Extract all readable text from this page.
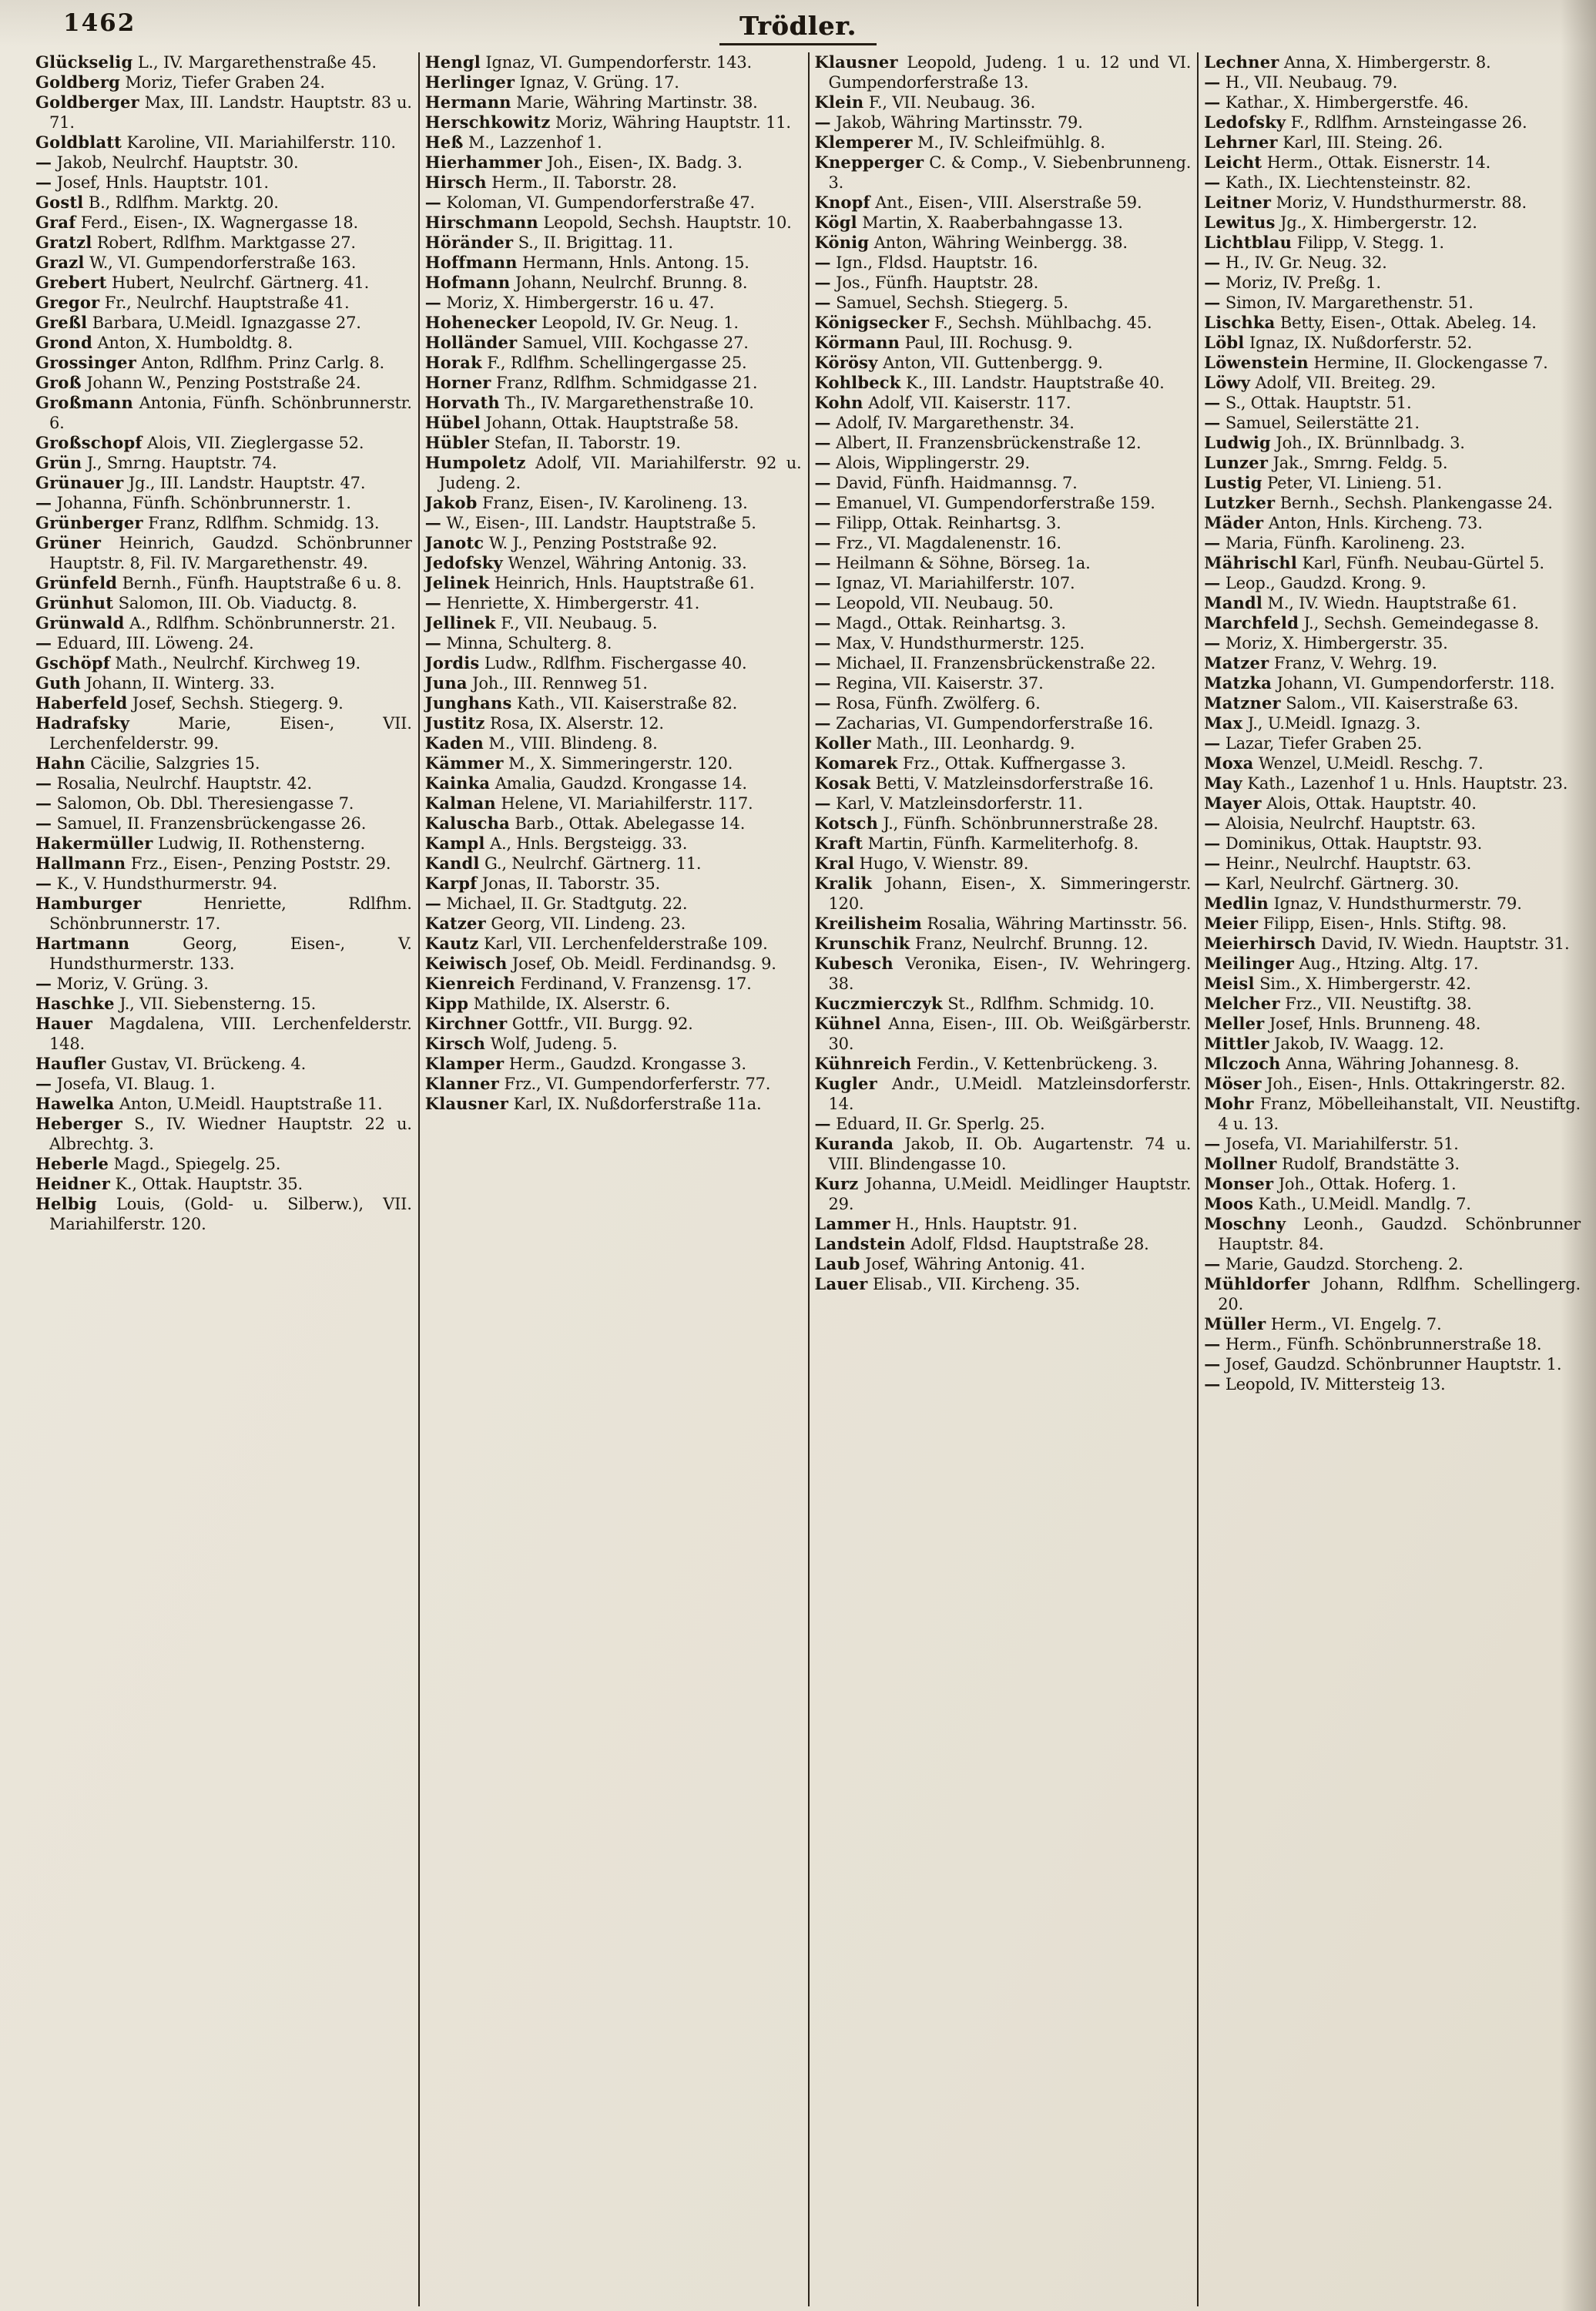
1462	Trödler.

Glückselig L., IV. Margarethenstraße 45.

Goldberg Moriz, Tiefer Graben 24.

Goldberger Max, III. Landstr. Hauptstr. 83 u. 71.

Goldblatt Karoline, VII. Mariahilferstr. 110.

— Jakob, Neulrchf. Hauptstr. 30.

— Josef, Hnls. Hauptstr. 101.

Gostl B., Rdlfhm. Marktg. 20.

Graf Ferd., Eisen-, IX. Wagnergasse 18.

Gratzl Robert, Rdlfhm. Marktgasse 27.

Grazl W., VI. Gumpendorferstraße 163.

Grebert Hubert, Neulrchf. Gärtnerg. 41.

Gregor Fr., Neulrchf. Hauptstraße 41.

Greßl Barbara, U.Meidl. Ignazgasse 27.

Grond Anton, X. Humboldtg. 8.

Grossinger Anton, Rdlfhm. Prinz Carlg. 8.

Groß Johann W., Penzing Poststraße 24.

Großmann Antonia, Fünfh. Schönbrunnerstr. 6.

Großschopf Alois, VII. Zieglergasse 52.

Grün J., Smrng. Hauptstr. 74.

Grünauer Jg., III. Landstr. Hauptstr. 47.

— Johanna, Fünfh. Schönbrunnerstr. 1.

Grünberger Franz, Rdlfhm. Schmidg. 13.

Grüner Heinrich, Gaudzd. Schönbrunner Hauptstr. 8, Fil. IV. Margarethenstr. 49.

Grünfeld Bernh., Fünfh. Hauptstraße 6 u. 8.

Grünhut Salomon, III. Ob. Viaductg. 8.

Grünwald A., Rdlfhm. Schönbrunnerstr. 21.

— Eduard, III. Löweng. 24.

Gschöpf Math., Neulrchf. Kirchweg 19.

Guth Johann, II. Winterg. 33.

Haberfeld Josef, Sechsh. Stiegerg. 9.

Hadrafsky Marie, Eisen-, VII. Lerchenfelderstr. 99.

Hahn Cäcilie, Salzgries 15.

— Rosalia, Neulrchf. Hauptstr. 42.

— Salomon, Ob. Dbl. Theresiengasse 7.

— Samuel, II. Franzensbrückengasse 26.

Hakermüller Ludwig, II. Rothensterng.

Hallmann Frz., Eisen-, Penzing Poststr. 29.

— K., V. Hundsthurmerstr. 94.

Hamburger Henriette, Rdlfhm. Schönbrunnerstr. 17.

Hartmann Georg, Eisen-, V. Hundsthurmerstr. 133.

— Moriz, V. Grüng. 3.

Haschke J., VII. Siebensterng. 15.

Hauer Magdalena, VIII. Lerchenfelderstr. 148.

Haufler Gustav, VI. Brückeng. 4.

— Josefa, VI. Blaug. 1.

Hawelka Anton, U.Meidl. Hauptstraße 11.

Heberger S., IV. Wiedner Hauptstr. 22 u. Albrechtg. 3.

Heberle Magd., Spiegelg. 25.

Heidner K., Ottak. Hauptstr. 35.

Helbig Louis, (Gold- u. Silberw.), VII. Mariahilferstr. 120.

Hengl Ignaz, VI. Gumpendorferstr. 143.

Herlinger Ignaz, V. Grüng. 17.

Hermann Marie, Währing Martinstr. 38.

Herschkowitz Moriz, Währing Hauptstr. 11.

Heß M., Lazzenhof 1.

Hierhammer Joh., Eisen-, IX. Badg. 3.

Hirsch Herm., II. Taborstr. 28.

— Koloman, VI. Gumpendorferstraße 47.

Hirschmann Leopold, Sechsh. Hauptstr. 10.

Höränder S., II. Brigittag. 11.

Hoffmann Hermann, Hnls. Antong. 15.

Hofmann Johann, Neulrchf. Brunng. 8.

— Moriz, X. Himbergerstr. 16 u. 47.

Hohenecker Leopold, IV. Gr. Neug. 1.

Holländer Samuel, VIII. Kochgasse 27.

Horak F., Rdlfhm. Schellingergasse 25.

Horner Franz, Rdlfhm. Schmidgasse 21.

Horvath Th., IV. Margarethenstraße 10.

Hübel Johann, Ottak. Hauptstraße 58.

Hübler Stefan, II. Taborstr. 19.

Humpoletz Adolf, VII. Mariahilferstr. 92 u. Judeng. 2.

Jakob Franz, Eisen-, IV. Karolineng. 13.

— W., Eisen-, III. Landstr. Hauptstraße 5.

Janotc W. J., Penzing Poststraße 92.

Jedofsky Wenzel, Währing Antonig. 33.

Jelinek Heinrich, Hnls. Hauptstraße 61.

— Henriette, X. Himbergerstr. 41.

Jellinek F., VII. Neubaug. 5.

— Minna, Schulterg. 8.

Jordis Ludw., Rdlfhm. Fischergasse 40.

Juna Joh., III. Rennweg 51.

Junghans Kath., VII. Kaiserstraße 82.

Justitz Rosa, IX. Alserstr. 12.

Kaden M., VIII. Blindeng. 8.

Kämmer M., X. Simmeringerstr. 120.

Kainka Amalia, Gaudzd. Krongasse 14.

Kalman Helene, VI. Mariahilferstr. 117.

Kaluscha Barb., Ottak. Abelegasse 14.

Kampl A., Hnls. Bergsteigg. 33.

Kandl G., Neulrchf. Gärtnerg. 11.

Karpf Jonas, II. Taborstr. 35.

— Michael, II. Gr. Stadtgutg. 22.

Katzer Georg, VII. Lindeng. 23.

Kautz Karl, VII. Lerchenfelderstraße 109.

Keiwisch Josef, Ob. Meidl. Ferdinandsg. 9.

Kienreich Ferdinand, V. Franzensg. 17.

Kipp Mathilde, IX. Alserstr. 6.

Kirchner Gottfr., VII. Burgg. 92.

Kirsch Wolf, Judeng. 5.

Klamper Herm., Gaudzd. Krongasse 3.

Klanner Frz., VI. Gumpendorferferstr. 77.

Klausner Karl, IX. Nußdorferstraße 11a.

Klausner Leopold, Judeng. 1 u. 12 und VI. Gumpendorferstraße 13.

Klein F., VII. Neubaug. 36.

— Jakob, Währing Martinsstr. 79.

Klemperer M., IV. Schleifmühlg. 8.

Knepperger C. & Comp., V. Siebenbrunneng. 3.

Knopf Ant., Eisen-, VIII. Alserstraße 59.

Kögl Martin, X. Raaberbahngasse 13.

König Anton, Währing Weinbergg. 38.

— Ign., Fldsd. Hauptstr. 16.

— Jos., Fünfh. Hauptstr. 28.

— Samuel, Sechsh. Stiegerg. 5.

Königsecker F., Sechsh. Mühlbachg. 45.

Körmann Paul, III. Rochusg. 9.

Körösy Anton, VII. Guttenbergg. 9.

Kohlbeck K., III. Landstr. Hauptstraße 40.

Kohn Adolf, VII. Kaiserstr. 117.

— Adolf, IV. Margarethenstr. 34.

— Albert, II. Franzensbrückenstraße 12.

— Alois, Wipplingerstr. 29.

— David, Fünfh. Haidmannsg. 7.

— Emanuel, VI. Gumpendorferstraße 159.

— Filipp, Ottak. Reinhartsg. 3.

— Frz., VI. Magdalenenstr. 16.

— Heilmann & Söhne, Börseg. 1a.

— Ignaz, VI. Mariahilferstr. 107.

— Leopold, VII. Neubaug. 50.

— Magd., Ottak. Reinhartsg. 3.

— Max, V. Hundsthurmerstr. 125.

— Michael, II. Franzensbrückenstraße 22.

— Regina, VII. Kaiserstr. 37.

— Rosa, Fünfh. Zwölferg. 6.

— Zacharias, VI. Gumpendorferstraße 16.

Koller Math., III. Leonhardg. 9.

Komarek Frz., Ottak. Kuffnergasse 3.

Kosak Betti, V. Matzleinsdorferstraße 16.

— Karl, V. Matzleinsdorferstr. 11.

Kotsch J., Fünfh. Schönbrunnerstraße 28.

Kraft Martin, Fünfh. Karmeliterhofg. 8.

Kral Hugo, V. Wienstr. 89.

Kralik Johann, Eisen-, X. Simmeringerstr. 120.

Kreilisheim Rosalia, Währing Martinsstr. 56.

Krunschik Franz, Neulrchf. Brunng. 12.

Kubesch Veronika, Eisen-, IV. Wehringerg. 38.

Kuczmierczyk St., Rdlfhm. Schmidg. 10.

Kühnel Anna, Eisen-, III. Ob. Weißgärberstr. 30.

Kühnreich Ferdin., V. Kettenbrückeng. 3.

Kugler Andr., U.Meidl. Matzleinsdorferstr. 14.

— Eduard, II. Gr. Sperlg. 25.

Kuranda Jakob, II. Ob. Augartenstr. 74 u. VIII. Blindengasse 10.

Kurz Johanna, U.Meidl. Meidlinger Hauptstr. 29.

Lammer H., Hnls. Hauptstr. 91.

Landstein Adolf, Fldsd. Hauptstraße 28.

Laub Josef, Währing Antonig. 41.

Lauer Elisab., VII. Kircheng. 35.

Lechner Anna, X. Himbergerstr. 8.

— H., VII. Neubaug. 79.

— Kathar., X. Himbergerstfe. 46.

Ledofsky F., Rdlfhm. Arnsteingasse 26.

Lehrner Karl, III. Steing. 26.

Leicht Herm., Ottak. Eisnerstr. 14.

— Kath., IX. Liechtensteinstr. 82.

Leitner Moriz, V. Hundsthurmerstr. 88.

Lewitus Jg., X. Himbergerstr. 12.

Lichtblau Filipp, V. Stegg. 1.

— H., IV. Gr. Neug. 32.

— Moriz, IV. Preßg. 1.

— Simon, IV. Margarethenstr. 51.

Lischka Betty, Eisen-, Ottak. Abeleg. 14.

Löbl Ignaz, IX. Nußdorferstr. 52.

Löwenstein Hermine, II. Glockengasse 7.

Löwy Adolf, VII. Breiteg. 29.

— S., Ottak. Hauptstr. 51.

— Samuel, Seilerstätte 21.

Ludwig Joh., IX. Brünnlbadg. 3.

Lunzer Jak., Smrng. Feldg. 5.

Lustig Peter, VI. Linieng. 51.

Lutzker Bernh., Sechsh. Plankengasse 24.

Mäder Anton, Hnls. Kircheng. 73.

— Maria, Fünfh. Karolineng. 23.

Mährischl Karl, Fünfh. Neubau-Gürtel 5.

— Leop., Gaudzd. Krong. 9.

Mandl M., IV. Wiedn. Hauptstraße 61.

Marchfeld J., Sechsh. Gemeindegasse 8.

— Moriz, X. Himbergerstr. 35.

Matzer Franz, V. Wehrg. 19.

Matzka Johann, VI. Gumpendorferstr. 118.

Matzner Salom., VII. Kaiserstraße 63.

Max J., U.Meidl. Ignazg. 3.

— Lazar, Tiefer Graben 25.

Moxa Wenzel, U.Meidl. Reschg. 7.

May Kath., Lazenhof 1 u. Hnls. Hauptstr. 23.

Mayer Alois, Ottak. Hauptstr. 40.

— Aloisia, Neulrchf. Hauptstr. 63.

— Dominikus, Ottak. Hauptstr. 93.

— Heinr., Neulrchf. Hauptstr. 63.

— Karl, Neulrchf. Gärtnerg. 30.

Medlin Ignaz, V. Hundsthurmerstr. 79.

Meier Filipp, Eisen-, Hnls. Stiftg. 98.

Meierhirsch David, IV. Wiedn. Hauptstr. 31.

Meilinger Aug., Htzing. Altg. 17.

Meisl Sim., X. Himbergerstr. 42.

Melcher Frz., VII. Neustiftg. 38.

Meller Josef, Hnls. Brunneng. 48.

Mittler Jakob, IV. Waagg. 12.

Mlczoch Anna, Währing Johannesg. 8.

Möser Joh., Eisen-, Hnls. Ottakringerstr. 82.

Mohr Franz, Möbelleihanstalt, VII. Neustiftg. 4 u. 13.

— Josefa, VI. Mariahilferstr. 51.

Mollner Rudolf, Brandstätte 3.

Monser Joh., Ottak. Hoferg. 1.

Moos Kath., U.Meidl. Mandlg. 7.

Moschny Leonh., Gaudzd. Schönbrunner Hauptstr. 84.

— Marie, Gaudzd. Storcheng. 2.

Mühldorfer Johann, Rdlfhm. Schellingerg. 20.

Müller Herm., VI. Engelg. 7.

— Herm., Fünfh. Schönbrunnerstraße 18.

— Josef, Gaudzd. Schönbrunner Hauptstr. 1.

— Leopold, IV. Mittersteig 13.
